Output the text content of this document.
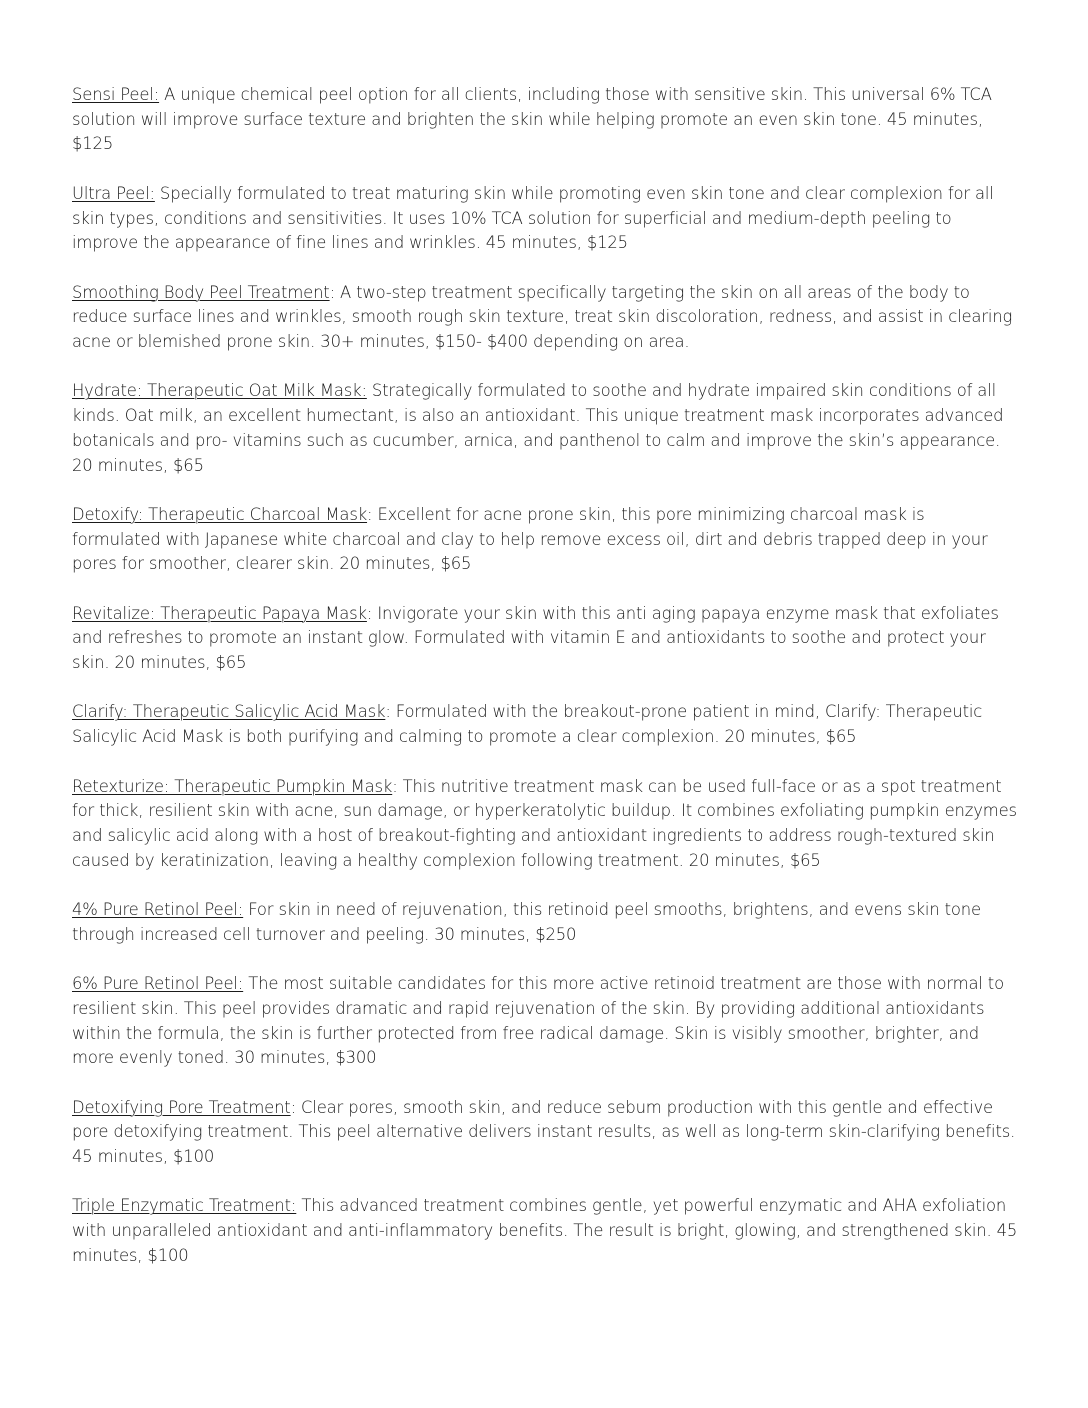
Sensi Peel: A unique chemical peel option for all clients, including those with sensitive skin. This universal 6% TCA solution will improve surface texture and brighten the skin while helping promote an even skin tone. 45 minutes, $125

Ultra Peel: Specially formulated to treat maturing skin while promoting even skin tone and clear complexion for all skin types, conditions and sensitivities. It uses 10% TCA solution for superficial and medium-depth peeling to improve the appearance of fine lines and wrinkles. 45 minutes, $125

Smoothing Body Peel Treatment: A two-step treatment specifically targeting the skin on all areas of the body to reduce surface lines and wrinkles, smooth rough skin texture, treat skin discoloration, redness, and assist in clearing acne or blemished prone skin. 30+ minutes, $150- $400 depending on area.

Hydrate: Therapeutic Oat Milk Mask: Strategically formulated to soothe and hydrate impaired skin conditions of all kinds. Oat milk, an excellent humectant, is also an antioxidant. This unique treatment mask incorporates advanced botanicals and pro- vitamins such as cucumber, arnica, and panthenol to calm and improve the skin’s appearance. 20 minutes, $65

Detoxify: Therapeutic Charcoal Mask: Excellent for acne prone skin, this pore minimizing charcoal mask is formulated with Japanese white charcoal and clay to help remove excess oil, dirt and debris trapped deep in your pores for smoother, clearer skin. 20 minutes, $65

Revitalize: Therapeutic Papaya Mask: Invigorate your skin with this anti aging papaya enzyme mask that exfoliates and refreshes to promote an instant glow. Formulated with vitamin E and antioxidants to soothe and protect your skin. 20 minutes, $65

Clarify: Therapeutic Salicylic Acid Mask: Formulated with the breakout-prone patient in mind, Clarify: Therapeutic Salicylic Acid Mask is both purifying and calming to promote a clear complexion. 20 minutes, $65

Retexturize: Therapeutic Pumpkin Mask: This nutritive treatment mask can be used full-face or as a spot treatment for thick, resilient skin with acne, sun damage, or hyperkeratolytic buildup. It combines exfoliating pumpkin enzymes and salicylic acid along with a host of breakout-fighting and antioxidant ingredients to address rough-textured skin caused by keratinization, leaving a healthy complexion following treatment. 20 minutes, $65

4% Pure Retinol Peel: For skin in need of rejuvenation, this retinoid peel smooths, brightens, and evens skin tone through increased cell turnover and peeling. 30 minutes, $250

6% Pure Retinol Peel: The most suitable candidates for this more active retinoid treatment are those with normal to resilient skin. This peel provides dramatic and rapid rejuvenation of the skin. By providing additional antioxidants within the formula, the skin is further protected from free radical damage. Skin is visibly smoother, brighter, and more evenly toned. 30 minutes, $300

Detoxifying Pore Treatment: Clear pores, smooth skin, and reduce sebum production with this gentle and effective pore detoxifying treatment. This peel alternative delivers instant results, as well as long-term skin-clarifying benefits. 45 minutes, $100

Triple Enzymatic Treatment: This advanced treatment combines gentle, yet powerful enzymatic and AHA exfoliation with unparalleled antioxidant and anti-inflammatory benefits. The result is bright, glowing, and strengthened skin. 45 minutes, $100
